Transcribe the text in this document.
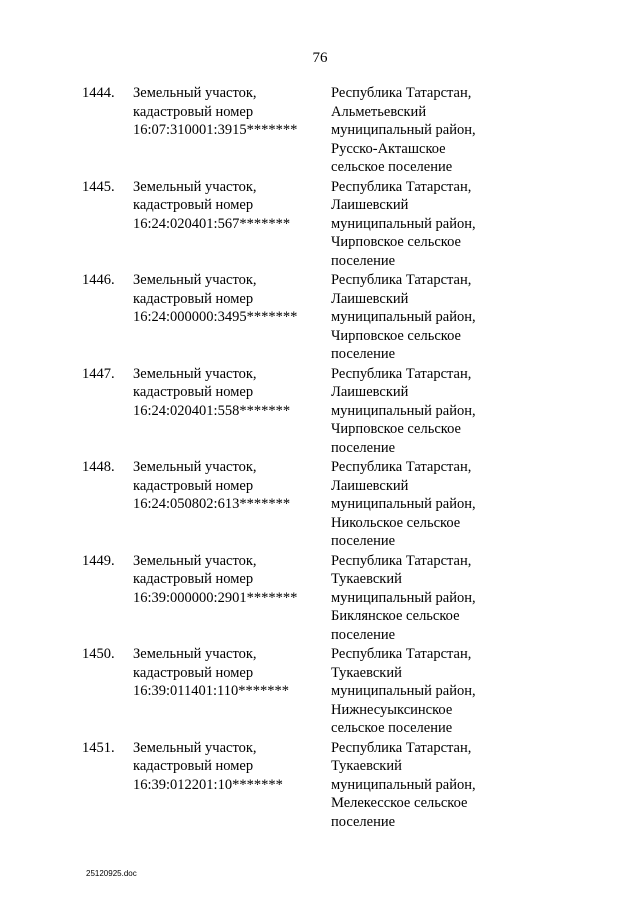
76
1444. Земельный участок,
кадастровый номер
16:07:310001:3915*******
Республика Татарстан,
Альметьевский
муниципальный район,
Русско-Акташское
сельское поселение
1445. Земельный участок,
кадастровый номер
16:24:020401:567*******
Республика Татарстан,
Лаишевский
муниципальный район,
Чирповское сельское
поселение
1446. Земельный участок,
кадастровый номер
16:24:000000:3495*******
Республика Татарстан,
Лаишевский
муниципальный район,
Чирповское сельское
поселение
1447. Земельный участок,
кадастровый номер
16:24:020401:558*******
Республика Татарстан,
Лаишевский
муниципальный район,
Чирповское сельское
поселение
1448. Земельный участок,
кадастровый номер
16:24:050802:613*******
Республика Татарстан,
Лаишевский
муниципальный район,
Никольское сельское
поселение
1449. Земельный участок,
кадастровый номер
16:39:000000:2901*******
Республика Татарстан,
Тукаевский
муниципальный район,
Биклянское сельское
поселение
1450. Земельный участок,
кадастровый номер
16:39:011401:110*******
Республика Татарстан,
Тукаевский
муниципальный район,
Нижнесуыксинское
сельское поселение
1451. Земельный участок,
кадастровый номер
16:39:012201:10*******
Республика Татарстан,
Тукаевский
муниципальный район,
Мелекесское сельское
поселение
25120925.doc
